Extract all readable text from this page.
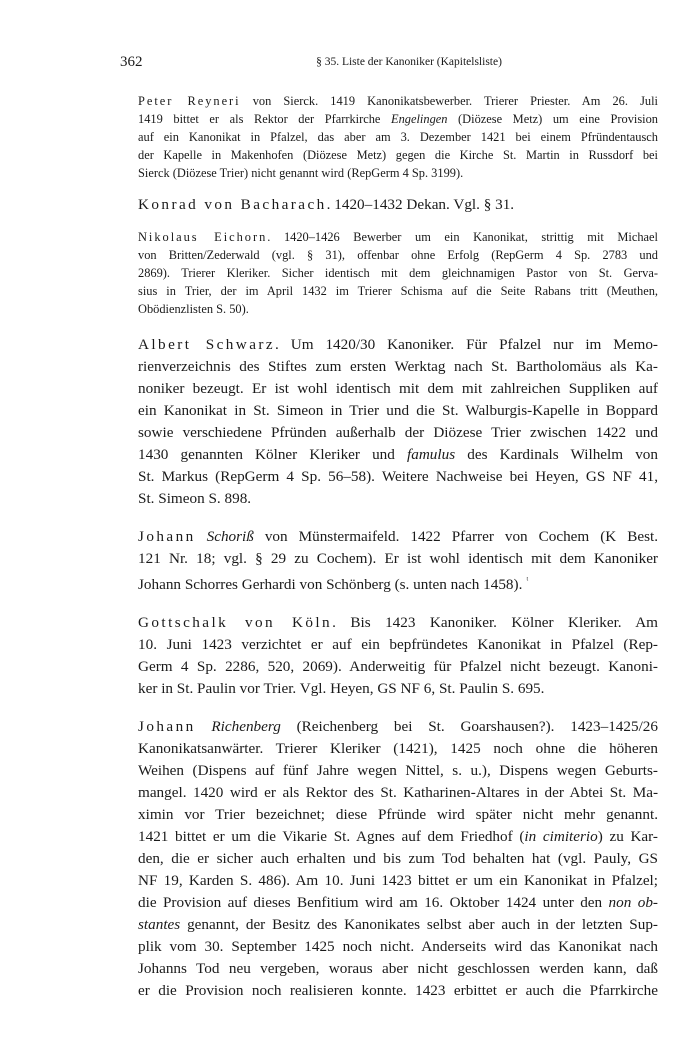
362	§ 35. Liste der Kanoniker (Kapitelsliste)
Peter Reyneri von Sierck. 1419 Kanonikatsbewerber. Trierer Priester. Am 26. Juli
1419 bittet er als Rektor der Pfarrkirche Engelingen (Diözese Metz) um eine Provision
auf ein Kanonikat in Pfalzel, das aber am 3. Dezember 1421 bei einem Pfründentausch
der Kapelle in Makenhofen (Diözese Metz) gegen die Kirche St. Martin in Russdorf bei
Sierck (Diözese Trier) nicht genannt wird (RepGerm 4 Sp. 3199).
Konrad von Bacharach. 1420–1432 Dekan. Vgl. § 31.
Nikolaus Eichorn. 1420–1426 Bewerber um ein Kanonikat, strittig mit Michael
von Britten/Zederwald (vgl. § 31), offenbar ohne Erfolg (RepGerm 4 Sp. 2783 und
2869). Trierer Kleriker. Sicher identisch mit dem gleichnamigen Pastor von St. Gerva-
sius in Trier, der im April 1432 im Trierer Schisma auf die Seite Rabans tritt (Meuthen,
Obödienzlisten S. 50).
Albert Schwarz. Um 1420/30 Kanoniker. Für Pfalzel nur im Memo-
rienverzeichnis des Stiftes zum ersten Werktag nach St. Bartholomäus als Ka-
noniker bezeugt. Er ist wohl identisch mit dem mit zahlreichen Suppliken auf
ein Kanonikat in St. Simeon in Trier und die St. Walburgis-Kapelle in Boppard
sowie verschiedene Pfründen außerhalb der Diözese Trier zwischen 1422 und
1430 genannten Kölner Kleriker und famulus des Kardinals Wilhelm von
St. Markus (RepGerm 4 Sp. 56–58). Weitere Nachweise bei Heyen, GS NF 41,
St. Simeon S. 898.
Johann Schoriß von Münstermaifeld. 1422 Pfarrer von Cochem (K Best.
121 Nr. 18; vgl. § 29 zu Cochem). Er ist wohl identisch mit dem Kanoniker
Johann Schorres Gerhardi von Schönberg (s. unten nach 1458). $^ᵗ$
Gottschalk von Köln. Bis 1423 Kanoniker. Kölner Kleriker. Am
10. Juni 1423 verzichtet er auf ein bepfründetes Kanonikat in Pfalzel (Rep-
Germ 4 Sp. 2286, 520, 2069). Anderweitig für Pfalzel nicht bezeugt. Kanoni-
ker in St. Paulin vor Trier. Vgl. Heyen, GS NF 6, St. Paulin S. 695.
Johann Richenberg (Reichenberg bei St. Goarshausen?). 1423–1425/26
Kanonikatsanwärter. Trierer Kleriker (1421), 1425 noch ohne die höheren
Weihen (Dispens auf fünf Jahre wegen Nittel, s. u.), Dispens wegen Geburts-
mangel. 1420 wird er als Rektor des St. Katharinen-Altares in der Abtei St. Ma-
ximin vor Trier bezeichnet; diese Pfründe wird später nicht mehr genannt.
1421 bittet er um die Vikarie St. Agnes auf dem Friedhof (in cimiterio) zu Kar-
den, die er sicher auch erhalten und bis zum Tod behalten hat (vgl. Pauly, GS
NF 19, Karden S. 486). Am 10. Juni 1423 bittet er um ein Kanonikat in Pfalzel;
die Provision auf dieses Benfitium wird am 16. Oktober 1424 unter den non ob-
stantes genannt, der Besitz des Kanonikates selbst aber auch in der letzten Sup-
plik vom 30. September 1425 noch nicht. Anderseits wird das Kanonikat nach
Johanns Tod neu vergeben, woraus aber nicht geschlossen werden kann, daß
er die Provision noch realisieren konnte. 1423 erbittet er auch die Pfarrkirche
